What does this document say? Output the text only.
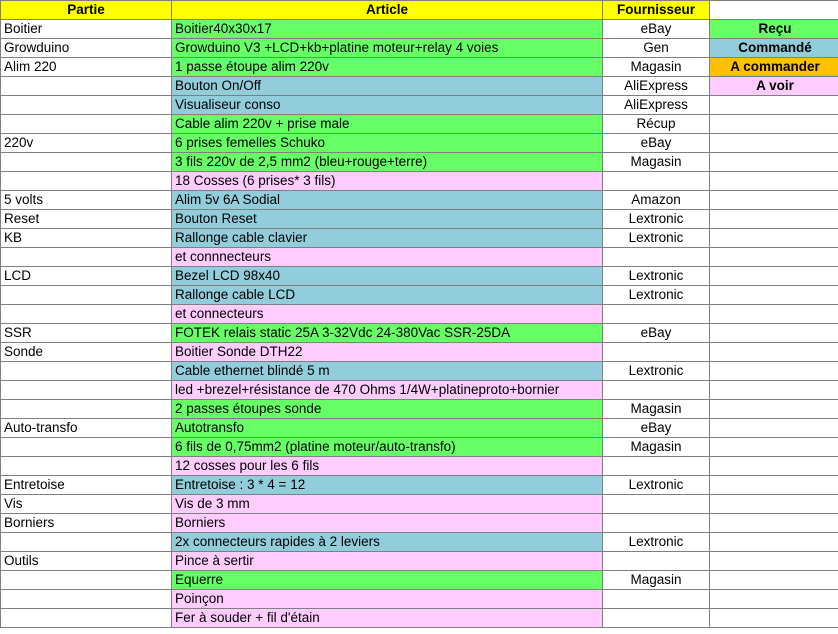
Partie	Article	Fournisseur	
Boitier	Boitier40x30x17	eBay	Reçu
Growduino	Growduino V3 +LCD+kb+platine moteur+relay 4 voies	Gen	Commandé
Alim 220	1 passe étoupe alim 220v	Magasin	A commander
	Bouton On/Off	AliExpress	A voir
	Visualiseur conso	AliExpress	
	Cable alim 220v + prise male	Récup	
220v	6 prises femelles Schuko	eBay	
	3 fils 220v de 2,5 mm2 (bleu+rouge+terre)	Magasin	
	18 Cosses (6 prises* 3 fils)		
5 volts	Alim 5v 6A Sodial	Amazon	
Reset	Bouton Reset	Lextronic	
KB	Rallonge cable clavier	Lextronic	
	et connnecteurs		
LCD	Bezel LCD 98x40	Lextronic	
	Rallonge cable LCD	Lextronic	
	et connecteurs		
SSR	FOTEK relais static 25A 3-32Vdc 24-380Vac SSR-25DA	eBay	
Sonde	Boitier Sonde DTH22		
	Cable ethernet blindé 5 m	Lextronic	
	led +brezel+résistance de 470 Ohms 1/4W+platineproto+bornier		
	2 passes étoupes sonde	Magasin	
Auto-transfo	Autotransfo	eBay	
	6 fils de 0,75mm2 (platine moteur/auto-transfo)	Magasin	
	12 cosses pour les 6 fils		
Entretoise	Entretoise : 3 * 4 = 12	Lextronic	
Vis	Vis de 3 mm		
Borniers	Borniers		
	2x connecteurs rapides à 2 leviers	Lextronic	
Outils	Pince à sertir		
	Equerre	Magasin	
	Poinçon		
	Fer à souder + fil d'étain		
